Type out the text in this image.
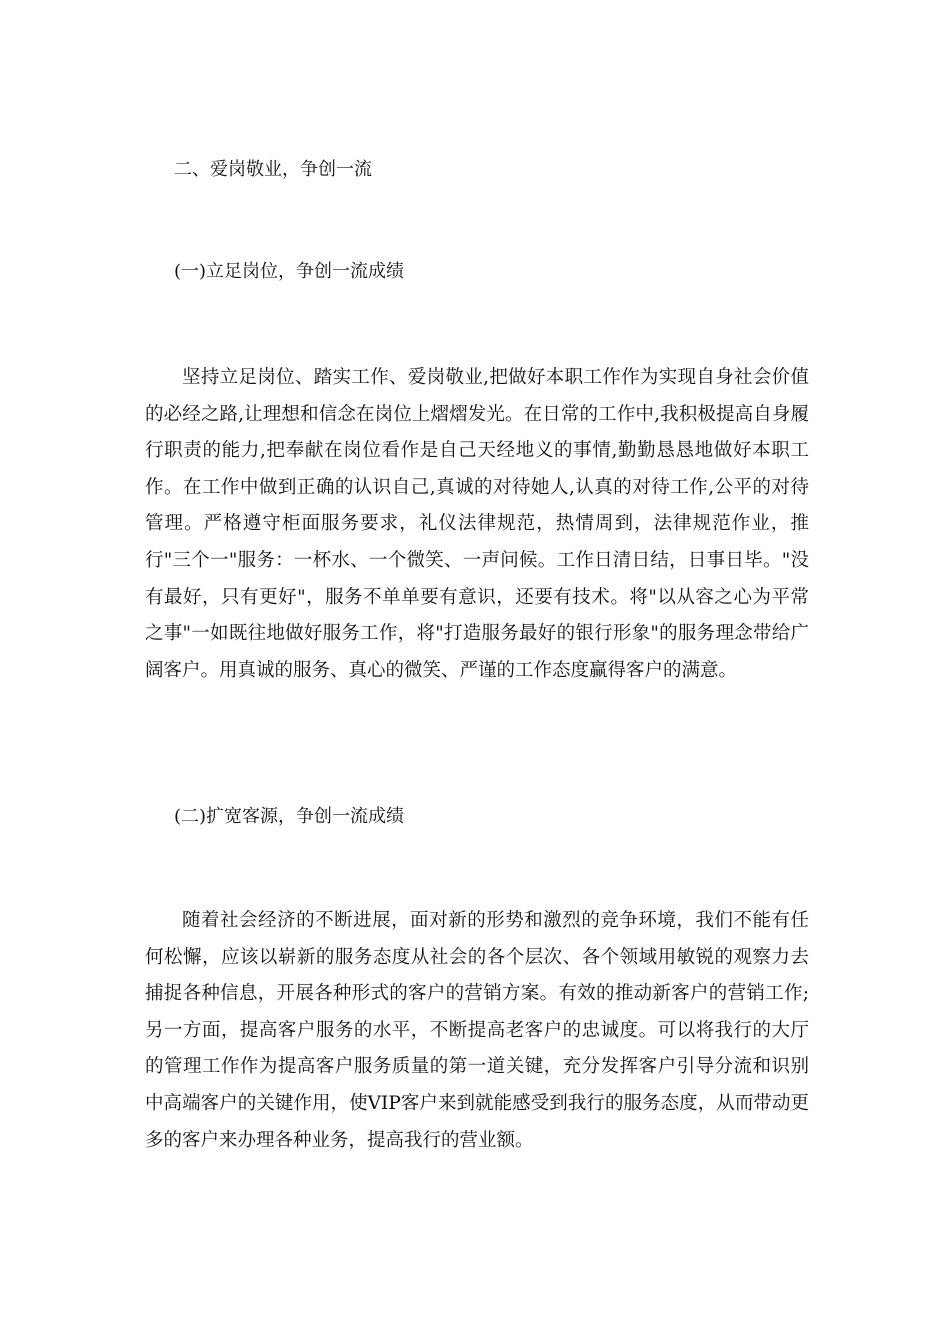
二、爱岗敬业，争创一流
(一)立足岗位，争创一流成绩

坚持立足岗位、踏实工作、爱岗敬业,把做好本职工作作为实现自身社会价值的必经之路,让理想和信念在岗位上熠熠发光。在日常的工作中,我积极提高自身履行职责的能力,把奉献在岗位看作是自己天经地义的事情,勤勤恳恳地做好本职工作。在工作中做到正确的认识自己,真诚的对待她人,认真的对待工作,公平的对待管理。严格遵守柜面服务要求，礼仪法律规范，热情周到，法律规范作业，推行"三个一"服务：一杯水、一个微笑、一声问候。工作日清日结，日事日毕。"没有最好，只有更好"，服务不单单要有意识，还要有技术。将"以从容之心为平常之事"一如既往地做好服务工作，将"打造服务最好的银行形象"的服务理念带给广阔客户。用真诚的服务、真心的微笑、严谨的工作态度赢得客户的满意。

(二)扩宽客源，争创一流成绩

随着社会经济的不断进展，面对新的形势和激烈的竞争环境，我们不能有任何松懈，应该以崭新的服务态度从社会的各个层次、各个领域用敏锐的观察力去捕捉各种信息，开展各种形式的客户的营销方案。有效的推动新客户的营销工作;另一方面，提高客户服务的水平，不断提高老客户的忠诚度。可以将我行的大厅的管理工作作为提高客户服务质量的第一道关键，充分发挥客户引导分流和识别中高端客户的关键作用，使VIP客户来到就能感受到我行的服务态度，从而带动更多的客户来办理各种业务，提高我行的营业额。
